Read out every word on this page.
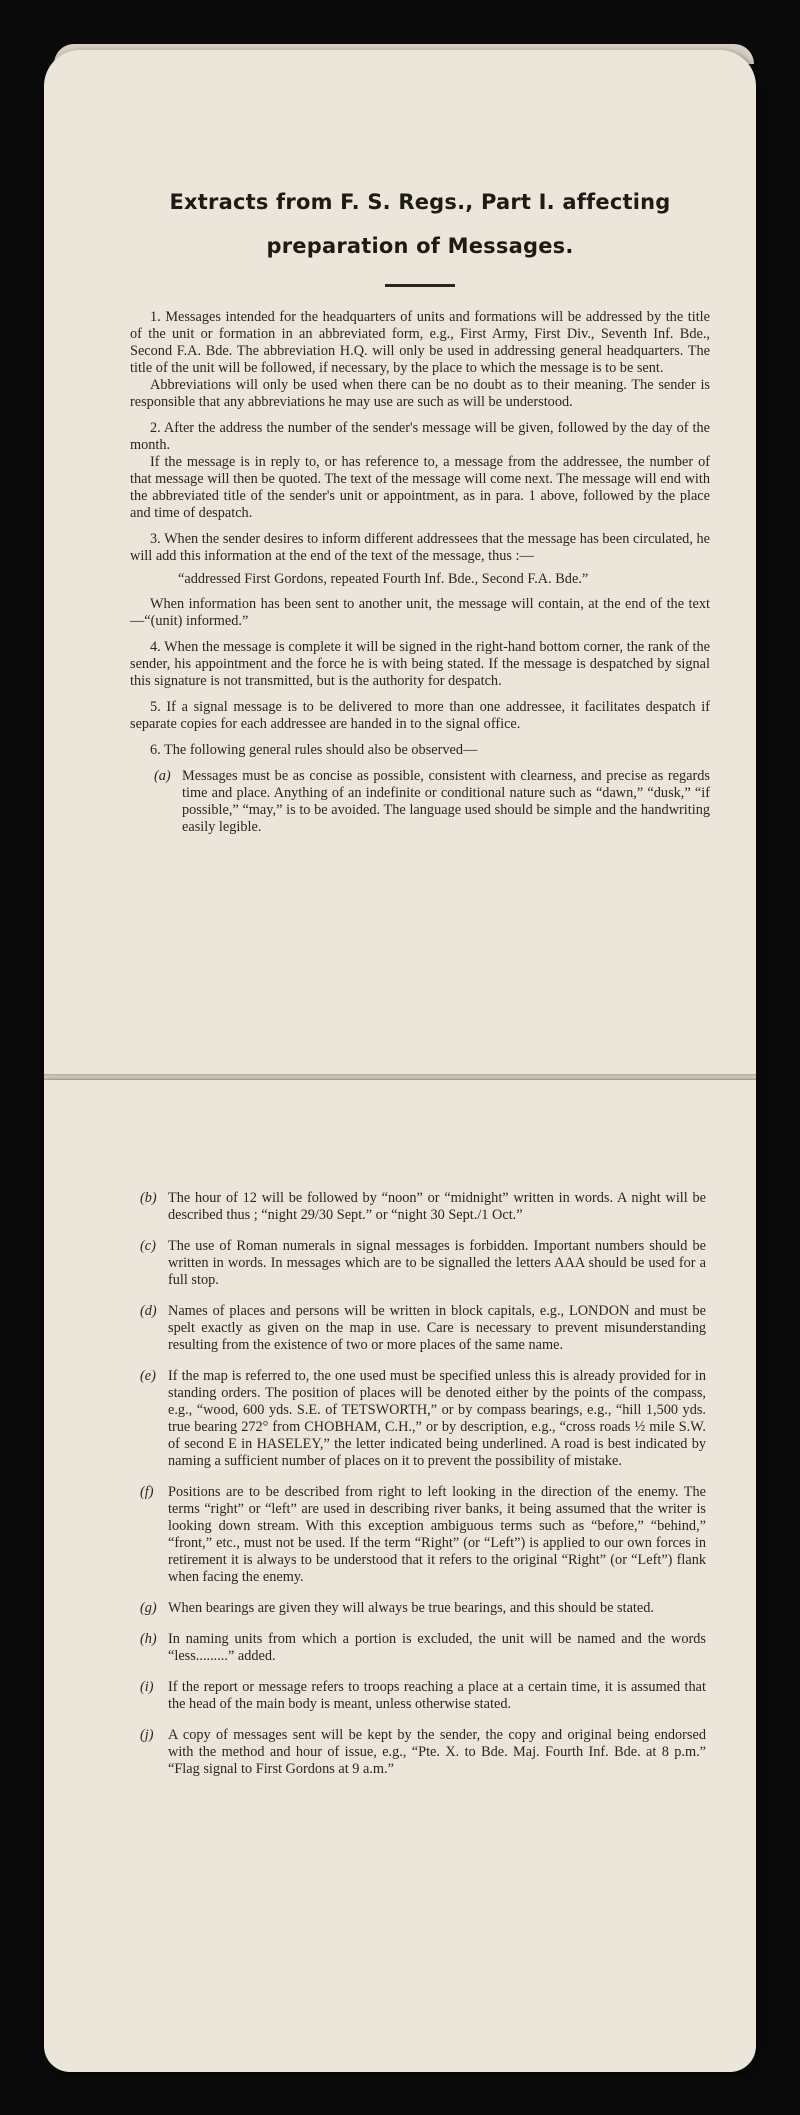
Extracts from F. S. Regs., Part I. affecting
preparation of Messages.

1. Messages intended for the headquarters of units and formations will be addressed by the title of the unit or formation in an abbreviated form, e.g., First Army, First Div., Seventh Inf. Bde., Second F.A. Bde. The abbreviation H.Q. will only be used in addressing general headquarters. The title of the unit will be followed, if necessary, by the place to which the message is to be sent.

Abbreviations will only be used when there can be no doubt as to their meaning. The sender is responsible that any abbreviations he may use are such as will be understood.

2. After the address the number of the sender's message will be given, followed by the day of the month.

If the message is in reply to, or has reference to, a message from the addressee, the number of that message will then be quoted. The text of the message will come next. The message will end with the abbreviated title of the sender's unit or appointment, as in para. 1 above, followed by the place and time of despatch.

3. When the sender desires to inform different addressees that the message has been circulated, he will add this information at the end of the text of the message, thus :—

“addressed First Gordons, repeated Fourth Inf. Bde., Second F.A. Bde.”

When information has been sent to another unit, the message will contain, at the end of the text—“(unit) informed.”

4. When the message is complete it will be signed in the right-hand bottom corner, the rank of the sender, his appointment and the force he is with being stated. If the message is despatched by signal this signature is not transmitted, but is the authority for despatch.

5. If a signal message is to be delivered to more than one addressee, it facilitates despatch if separate copies for each addressee are handed in to the signal office.

6. The following general rules should also be observed—

(a) Messages must be as concise as possible, consistent with clearness, and precise as regards time and place. Anything of an indefinite or conditional nature such as “dawn,” “dusk,” “if possible,” “may,” is to be avoided. The language used should be simple and the handwriting easily legible.
(b) The hour of 12 will be followed by “noon” or “midnight” written in words. A night will be described thus ; “night 29/30 Sept.” or “night 30 Sept./1 Oct.”
(c) The use of Roman numerals in signal messages is forbidden. Important numbers should be written in words. In messages which are to be signalled the letters AAA should be used for a full stop.
(d) Names of places and persons will be written in block capitals, e.g., LONDON and must be spelt exactly as given on the map in use. Care is necessary to prevent misunderstanding resulting from the existence of two or more places of the same name.
(e) If the map is referred to, the one used must be specified unless this is already provided for in standing orders. The position of places will be denoted either by the points of the compass, e.g., “wood, 600 yds. S.E. of TETSWORTH,” or by compass bearings, e.g., “hill 1,500 yds. true bearing 272° from CHOBHAM, C.H.,” or by description, e.g., “cross roads ½ mile S.W. of second E in HASELEY,” the letter indicated being underlined. A road is best indicated by naming a sufficient number of places on it to prevent the possibility of mistake.
(f)	Positions are to be described from right to left looking in the direction of the enemy. The terms “right” or “left” are used in describing river banks, it being assumed that the writer is looking down stream. With this exception ambiguous terms such as “before,” “behind,” “front,” etc., must not be used. If the term “Right” (or “Left”) is applied to our own forces in retirement it is always to be understood that it refers to the original “Right” (or “Left”) flank when facing the enemy.
(g) When bearings are given they will always be true bearings, and this should be stated.
(h) In naming units from which a portion is excluded, the unit will be named and the words “less.........” added.
(i)	If the report or message refers to troops reaching a place at a certain time, it is assumed that the head of the main body is meant, unless otherwise stated.
(j)	A copy of messages sent will be kept by the sender, the copy and original being endorsed with the method and hour of issue, e.g., “Pte. X. to Bde. Maj. Fourth Inf. Bde. at 8 p.m.” “Flag signal to First Gordons at 9 a.m.”
